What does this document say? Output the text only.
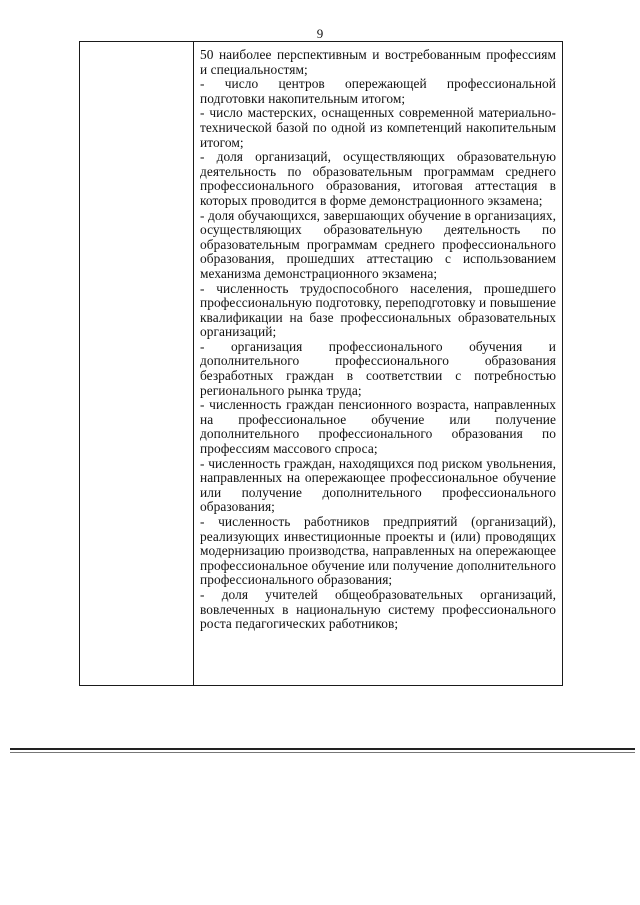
9

50 наиболее перспективным и востребованным профессиям и специальностям;

- число центров опережающей профессиональной подготовки накопительным итогом;

- число мастерских, оснащенных современной материально-технической базой по одной из компетенций накопительным итогом;

- доля организаций, осуществляющих образовательную деятельность по образовательным программам среднего профессионального образования, итоговая аттестация в которых проводится в форме демонстрационного экзамена;

- доля обучающихся, завершающих обучение в организациях, осуществляющих образовательную деятельность по образовательным программам среднего профессионального образования, прошедших аттестацию с использованием механизма демонстрационного экзамена;

- численность трудоспособного населения, прошедшего профессиональную подготовку, переподготовку и повышение квалификации на базе профессиональных образовательных организаций;

- организация профессионального обучения и дополнительного профессионального образования безработных граждан в соответствии с потребностью регионального рынка труда;

- численность граждан пенсионного возраста, направленных на профессиональное обучение или получение дополнительного профессионального образования по профессиям массового спроса;

- численность граждан, находящихся под риском увольнения, направленных на опережающее профессиональное обучение или получение дополнительного профессионального образования;

- численность работников предприятий (организаций), реализующих инвестиционные проекты и (или) проводящих модернизацию производства, направленных на опережающее профессиональное обучение или получение дополнительного профессионального образования;

- доля учителей общеобразовательных организаций, вовлеченных в национальную систему профессионального роста педагогических работников;
